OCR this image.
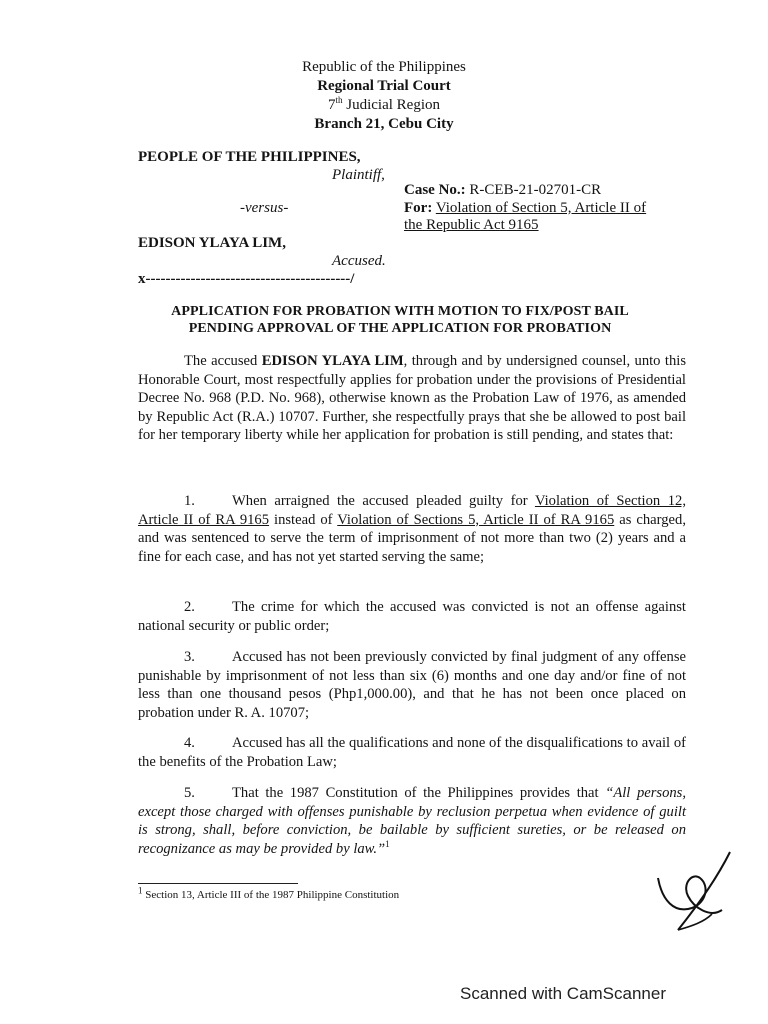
Republic of the Philippines
Regional Trial Court
7th Judicial Region
Branch 21, Cebu City
PEOPLE OF THE PHILIPPINES,
Plaintiff,
Case No.: R-CEB-21-02701-CR
-versus-	For: Violation of Section 5, Article II of
the Republic Act 9165
EDISON YLAYA LIM,
Accused.
x-----------------------------------------/
APPLICATION FOR PROBATION WITH MOTION TO FIX/POST BAIL
PENDING APPROVAL OF THE APPLICATION FOR PROBATION
The accused EDISON YLAYA LIM, through and by undersigned counsel, unto this Honorable Court, most respectfully applies for probation under the provisions of Presidential Decree No. 968 (P.D. No. 968), otherwise known as the Probation Law of 1976, as amended by Republic Act (R.A.) 10707. Further, she respectfully prays that she be allowed to post bail for her temporary liberty while her application for probation is still pending, and states that:
1.	When arraigned the accused pleaded guilty for Violation of Section 12, Article II of RA 9165 instead of Violation of Sections 5, Article II of RA 9165 as charged, and was sentenced to serve the term of imprisonment of not more than two (2) years and a fine for each case, and has not yet started serving the same;
2.	The crime for which the accused was convicted is not an offense against national security or public order;
3.	Accused has not been previously convicted by final judgment of any offense punishable by imprisonment of not less than six (6) months and one day and/or fine of not less than one thousand pesos (Php1,000.00), and that he has not been once placed on probation under R. A. 10707;
4.	Accused has all the qualifications and none of the disqualifications to avail of the benefits of the Probation Law;
5.	That the 1987 Constitution of the Philippines provides that “All persons, except those charged with offenses punishable by reclusion perpetua when evidence of guilt is strong, shall, before conviction, be bailable by sufficient sureties, or be released on recognizance as may be provided by law.”$^1$
$^1$ Section 13, Article III of the 1987 Philippine Constitution
Scanned with CamScanner
